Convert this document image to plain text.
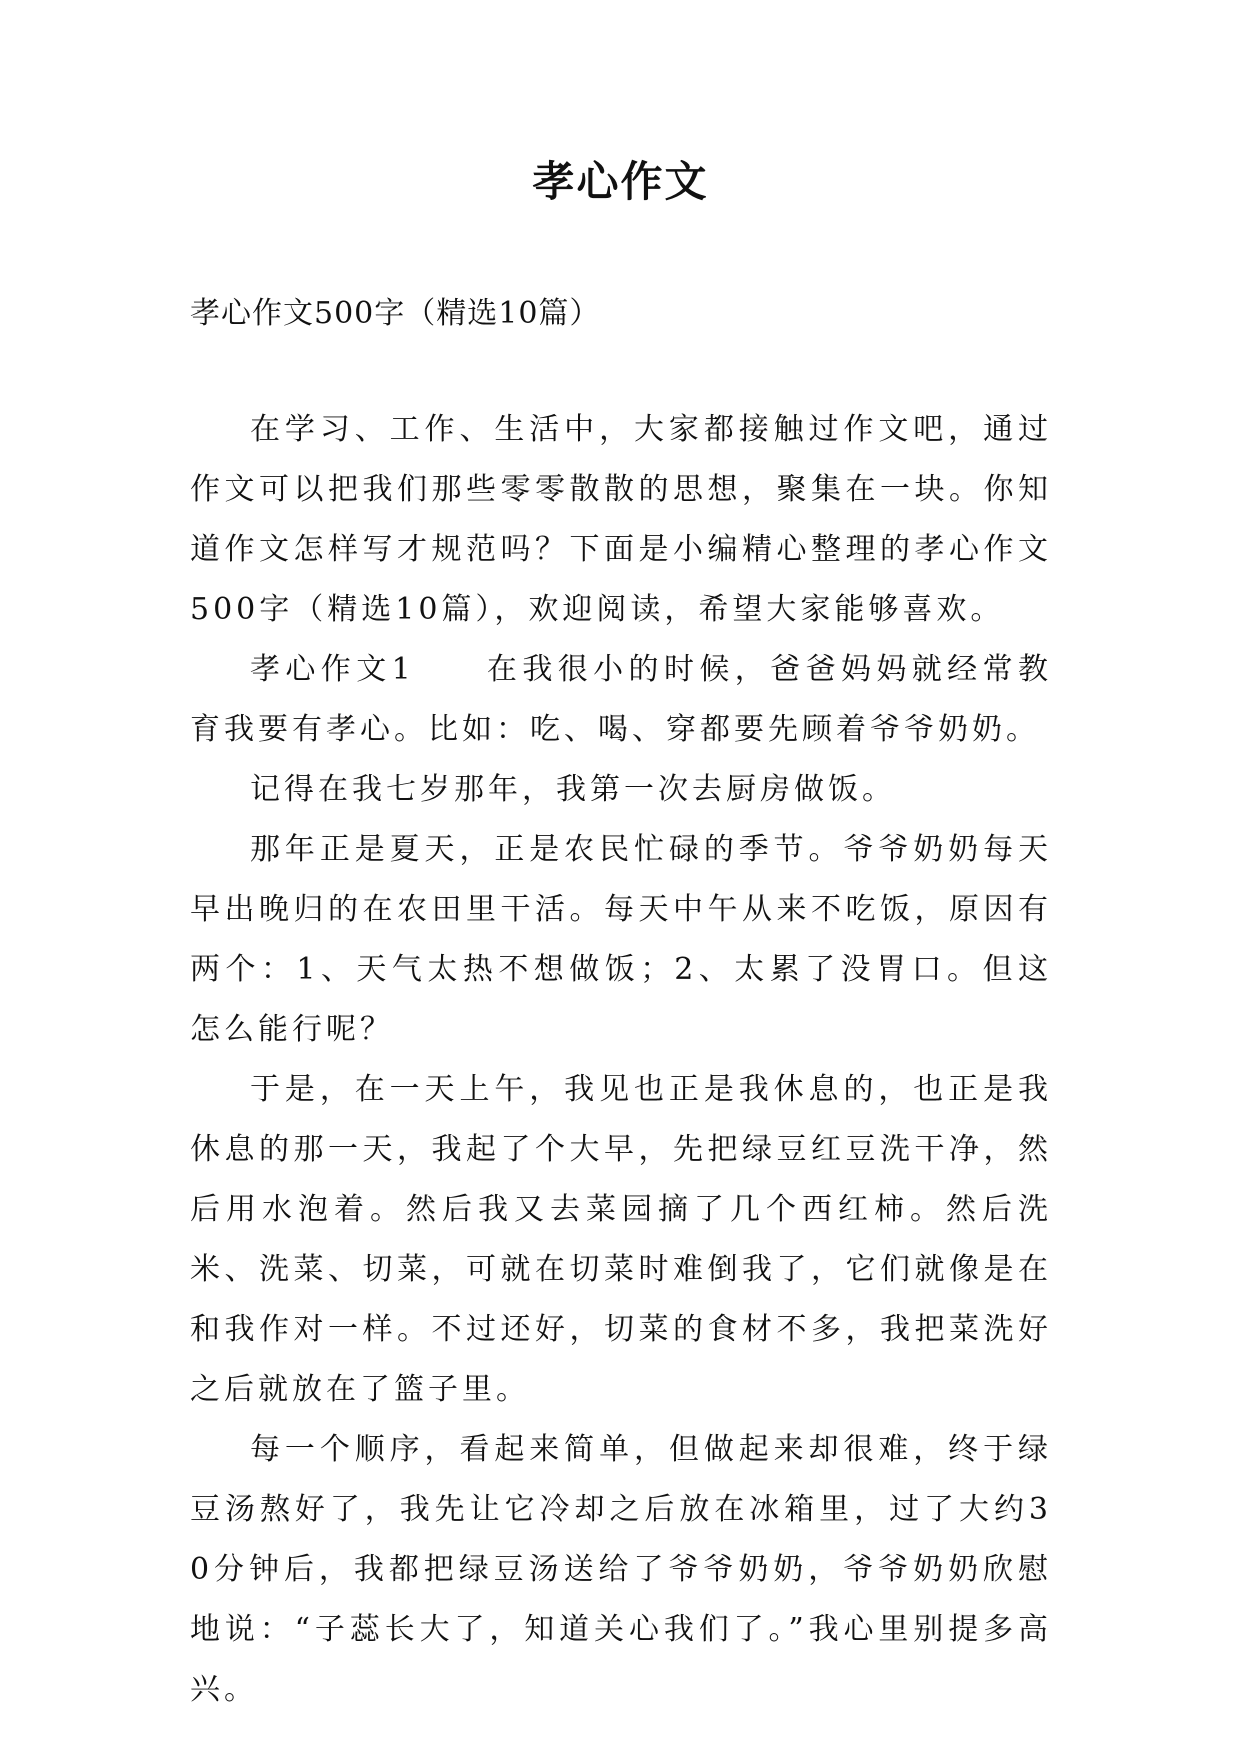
孝心作文

孝心作文500字（精选10篇）

在学习、工作、生活中，大家都接触过作文吧，通过作文可以把我们那些零零散散的思想，聚集在一块。你知道作文怎样写才规范吗？下面是小编精心整理的孝心作文500字（精选10篇），欢迎阅读，希望大家能够喜欢。

孝心作文1　　在我很小的时候，爸爸妈妈就经常教育我要有孝心。比如：吃、喝、穿都要先顾着爷爷奶奶。

记得在我七岁那年，我第一次去厨房做饭。

那年正是夏天，正是农民忙碌的季节。爷爷奶奶每天早出晚归的在农田里干活。每天中午从来不吃饭，原因有两个：1、天气太热不想做饭；2、太累了没胃口。但这怎么能行呢？

于是，在一天上午，我见也正是我休息的，也正是我休息的那一天，我起了个大早，先把绿豆红豆洗干净，然后用水泡着。然后我又去菜园摘了几个西红柿。然后洗米、洗菜、切菜，可就在切菜时难倒我了，它们就像是在和我作对一样。不过还好，切菜的食材不多，我把菜洗好之后就放在了篮子里。

每一个顺序，看起来简单，但做起来却很难，终于绿豆汤熬好了，我先让它冷却之后放在冰箱里，过了大约30分钟后，我都把绿豆汤送给了爷爷奶奶，爷爷奶奶欣慰地说：“子蕊长大了，知道关心我们了。”我心里别提多高兴。
